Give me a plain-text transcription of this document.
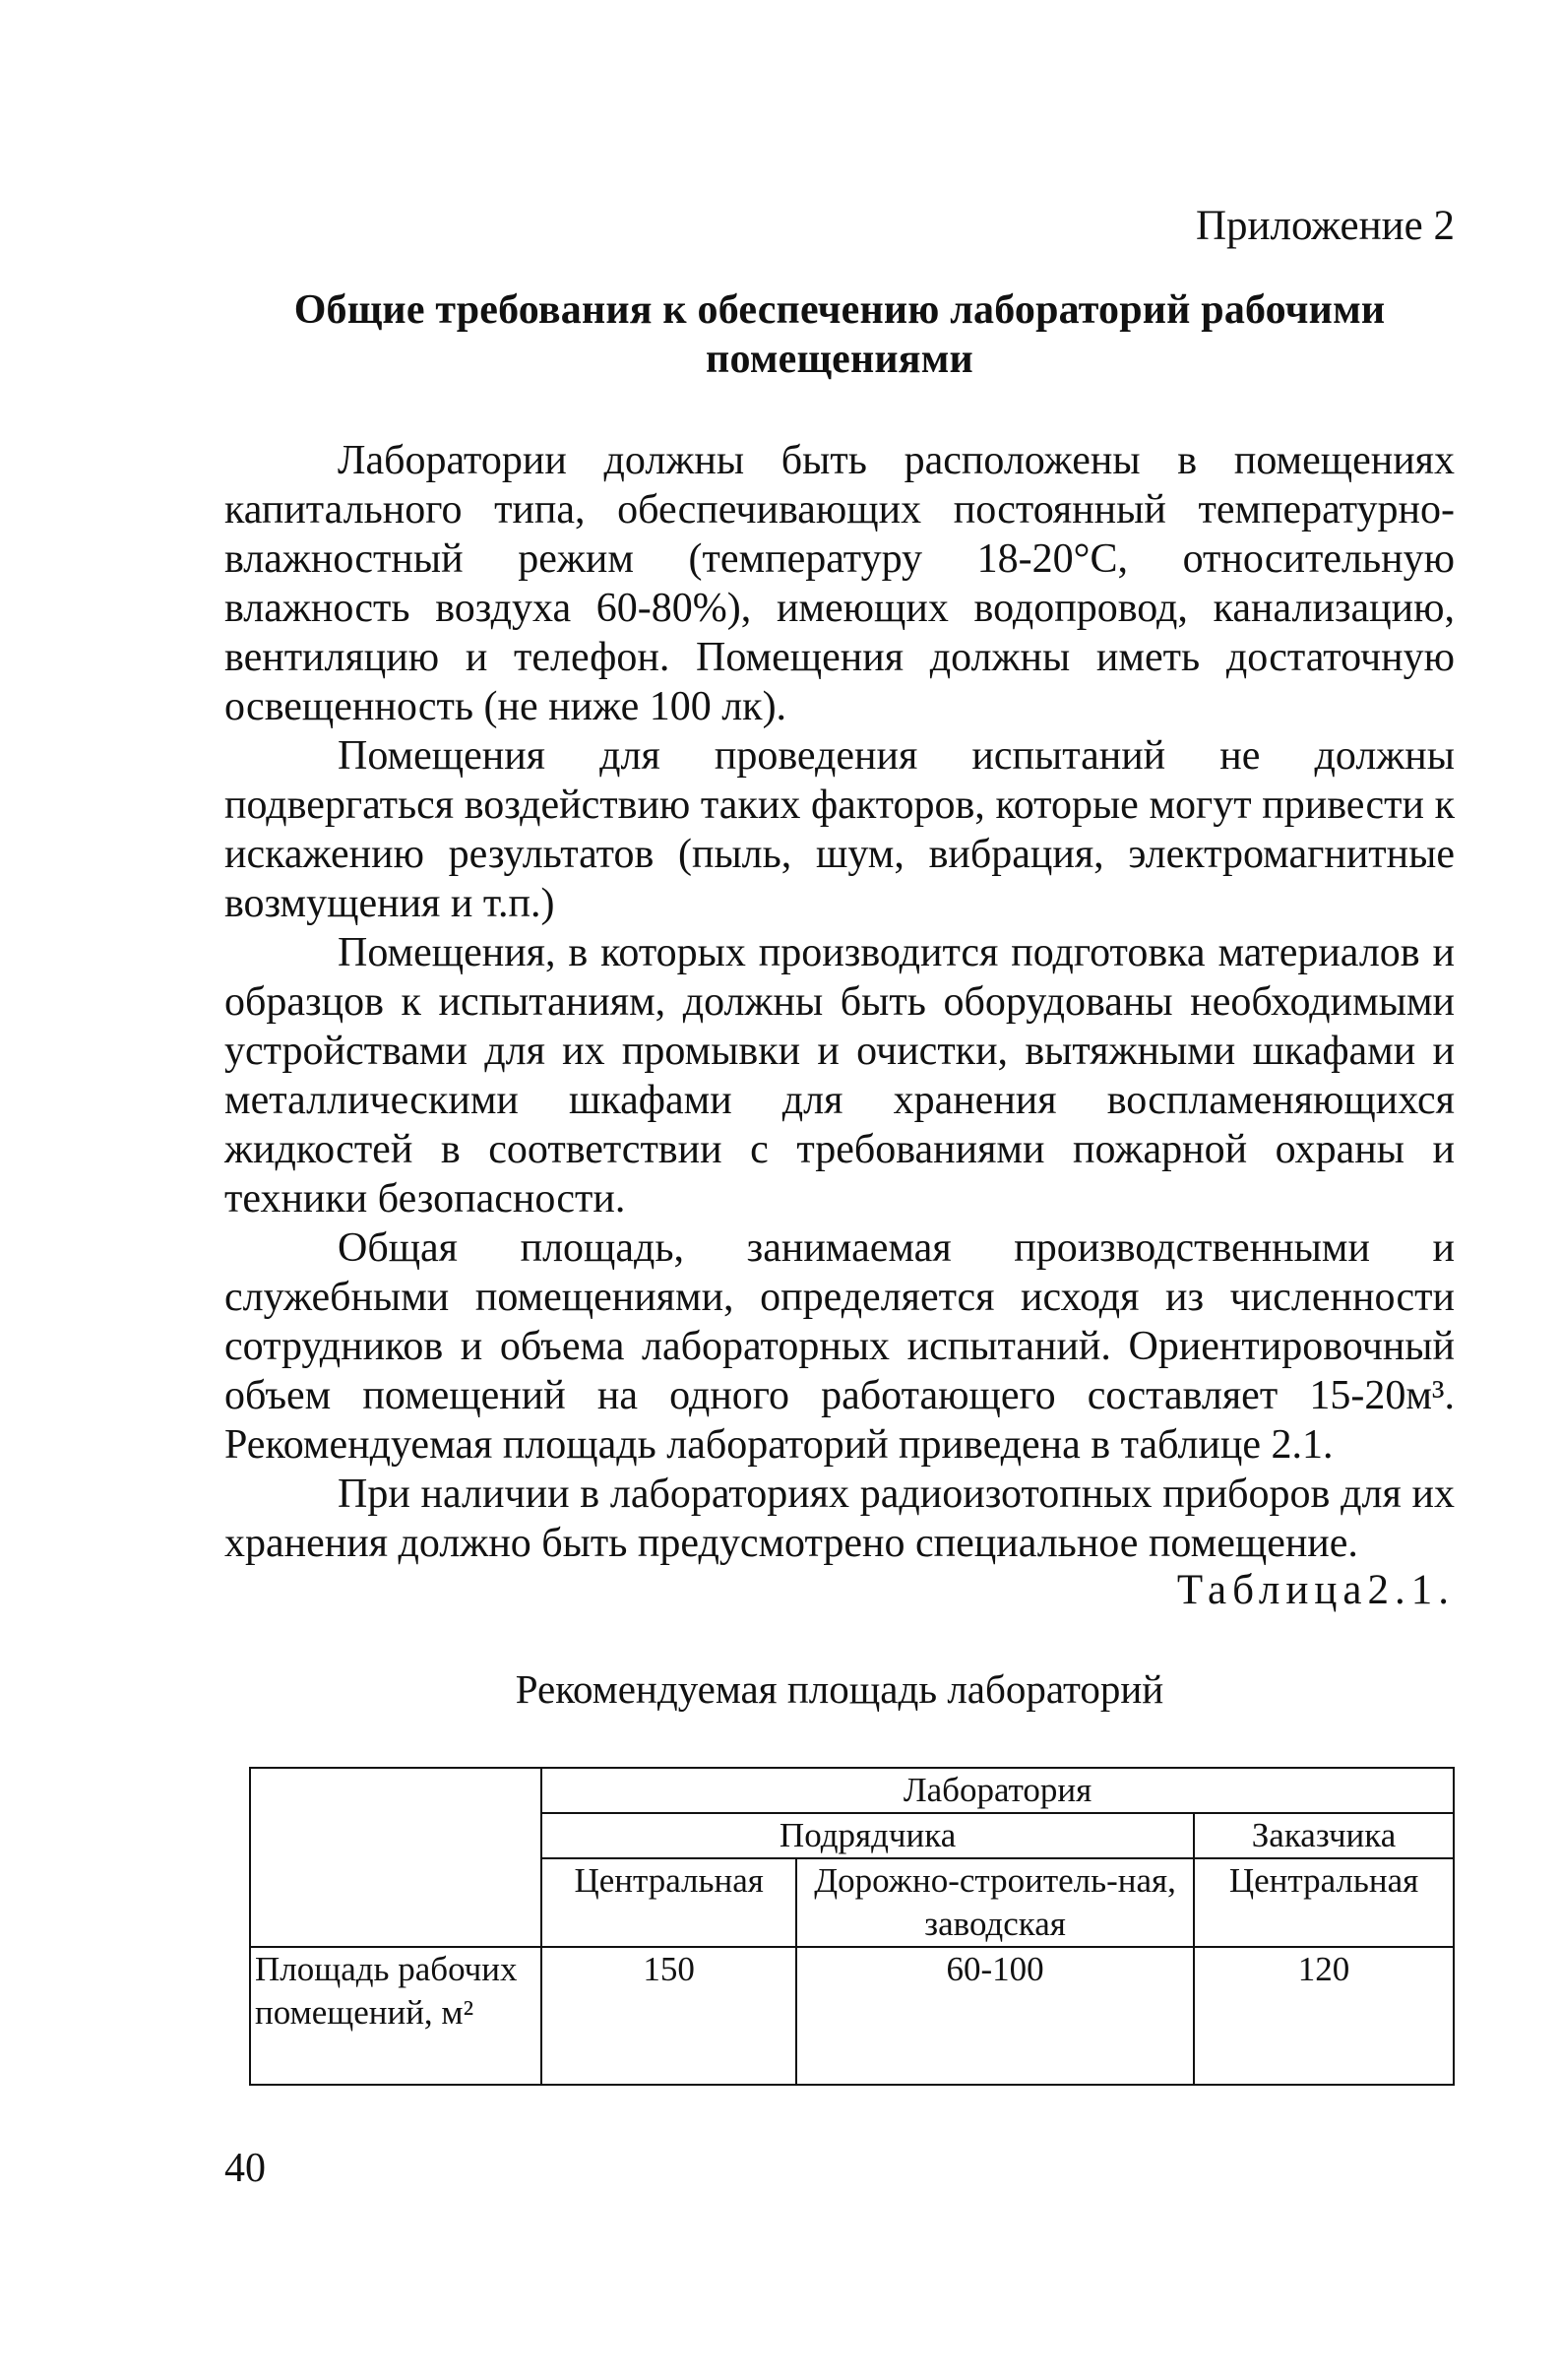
Приложение 2
Общие требования к обеспечению лабораторий рабочими
помещениями

Лаборатории должны быть расположены в помещениях капитального типа, обеспечивающих постоянный температурно-влажностный режим (температуру 18-20°С, относительную влажность воздуха 60-80%), имеющих водопровод, канализацию, вентиляцию и телефон. Помещения должны иметь достаточную освещенность (не ниже 100 лк).

Помещения для проведения испытаний не должны подвергаться воздействию таких факторов, которые могут привести к искажению результатов (пыль, шум, вибрация, электромагнитные возмущения и т.п.)

Помещения, в которых производится подготовка материалов и образцов к испытаниям, должны быть оборудованы необходимыми устройствами для их промывки и очистки, вытяжными шкафами и металлическими шкафами для хранения воспламеняющихся жидкостей в соответствии с требованиями пожарной охраны и техники безопасности.

Общая площадь, занимаемая производственными и служебными помещениями, определяется исходя из численности сотрудников и объема лабораторных испытаний. Ориентировочный объем помещений на одного работающего составляет 15-20м³. Рекомендуемая площадь лабораторий приведена в таблице 2.1.

При наличии в лабораториях радиоизотопных приборов для их хранения должно быть предусмотрено специальное помещение.

Таблица2.1.
Рекомендуемая площадь лабораторий
	Лаборатория		
	Подрядчика		Заказчика
	Центральная	Дорожно-строитель-ная, заводская	Центральная
Площадь рабочих помещений, м²	150	60-100	120
40
